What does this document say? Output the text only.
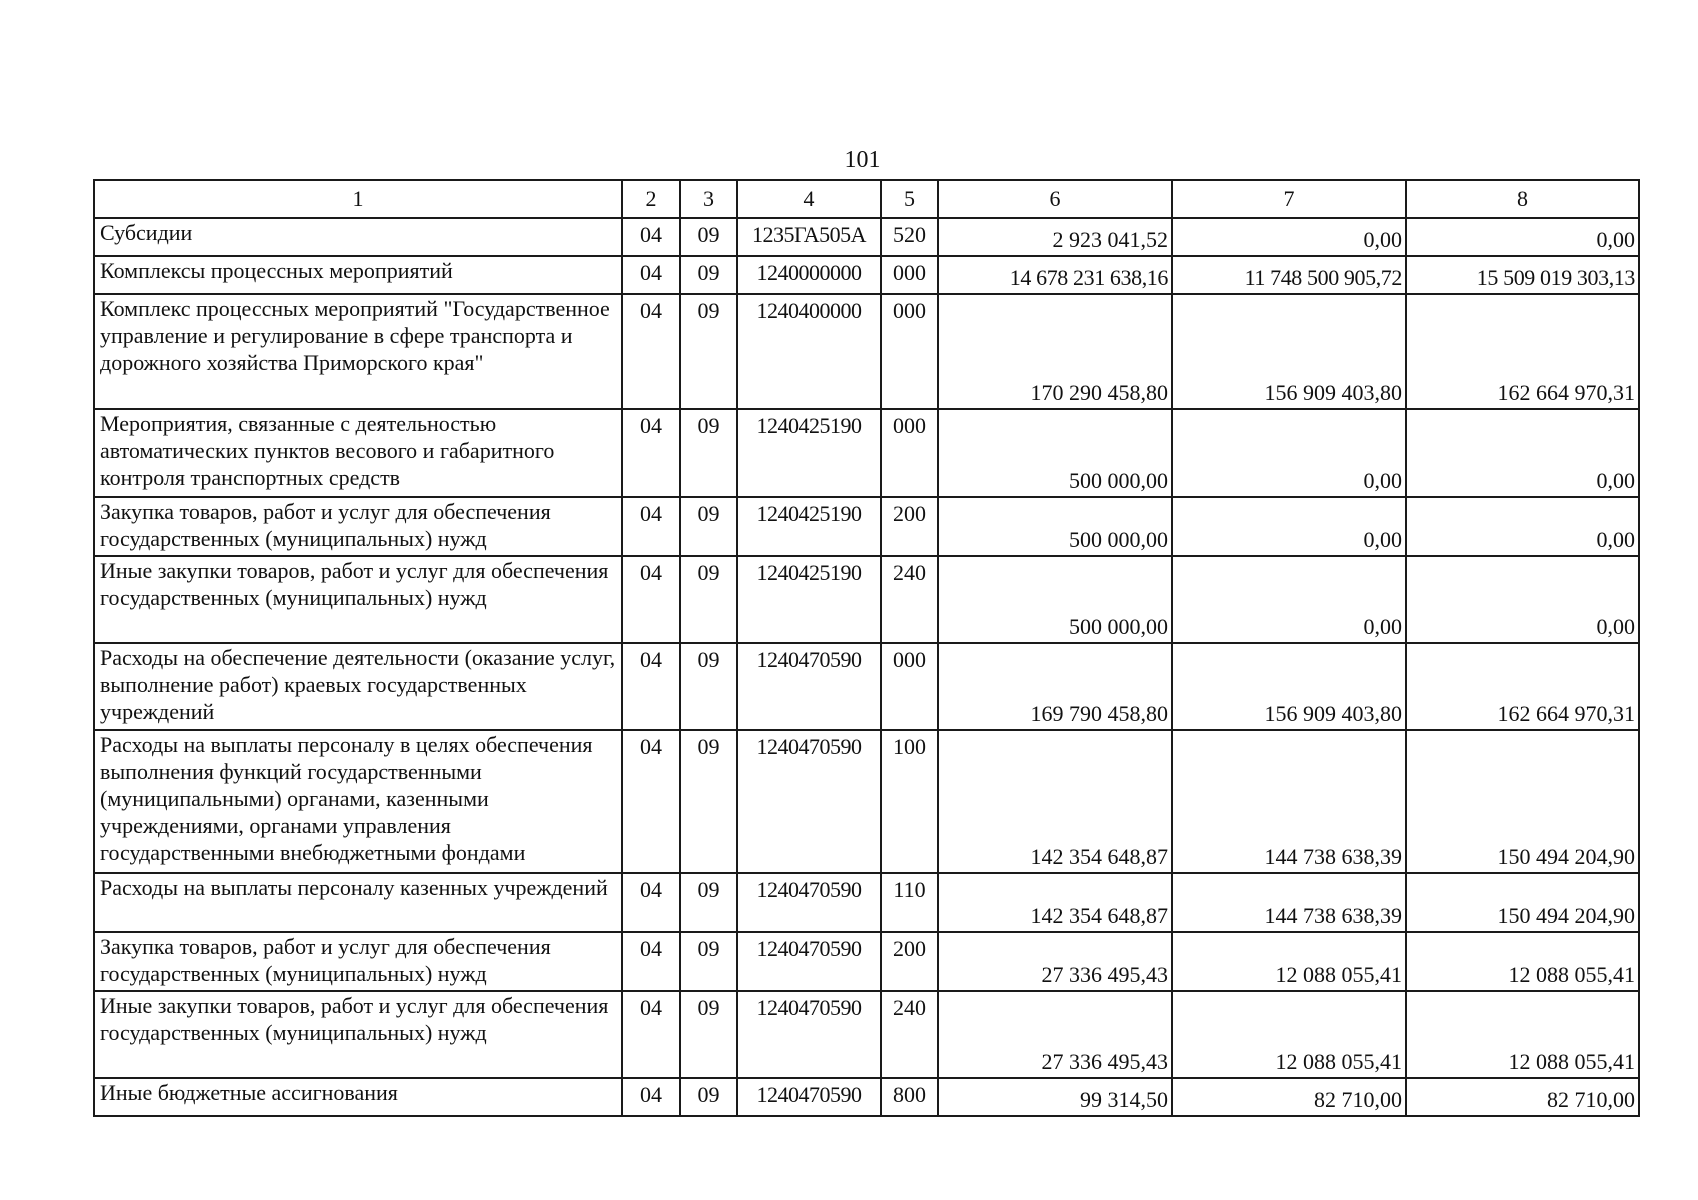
101
1	2	3	4	5	6	7	8
Субсидии	04	09	1235ГА505А	520	2 923 041,52	0,00	0,00
Комплексы процессных мероприятий	04	09	1240000000	000	14 678 231 638,16	11 748 500 905,72	15 509 019 303,13
Комплекс процессных мероприятий "Государственное управление и регулирование в сфере транспорта и дорожного хозяйства Приморского края"	04	09	1240400000	000	170 290 458,80	156 909 403,80	162 664 970,31
Мероприятия, связанные с деятельностью автоматических пунктов весового и габаритного контроля транспортных средств	04	09	1240425190	000	500 000,00	0,00	0,00
Закупка товаров, работ и услуг для обеспечения государственных (муниципальных) нужд	04	09	1240425190	200	500 000,00	0,00	0,00
Иные закупки товаров, работ и услуг для обеспечения государственных (муниципальных) нужд	04	09	1240425190	240	500 000,00	0,00	0,00
Расходы на обеспечение деятельности (оказание услуг, выполнение работ) краевых государственных учреждений	04	09	1240470590	000	169 790 458,80	156 909 403,80	162 664 970,31
Расходы на выплаты персоналу в целях обеспечения выполнения функций государственными (муниципальными) органами, казенными учреждениями, органами управления государственными внебюджетными фондами	04	09	1240470590	100	142 354 648,87	144 738 638,39	150 494 204,90
Расходы на выплаты персоналу казенных учреждений	04	09	1240470590	110	142 354 648,87	144 738 638,39	150 494 204,90
Закупка товаров, работ и услуг для обеспечения государственных (муниципальных) нужд	04	09	1240470590	200	27 336 495,43	12 088 055,41	12 088 055,41
Иные закупки товаров, работ и услуг для обеспечения государственных (муниципальных) нужд	04	09	1240470590	240	27 336 495,43	12 088 055,41	12 088 055,41
Иные бюджетные ассигнования	04	09	1240470590	800	99 314,50	82 710,00	82 710,00
